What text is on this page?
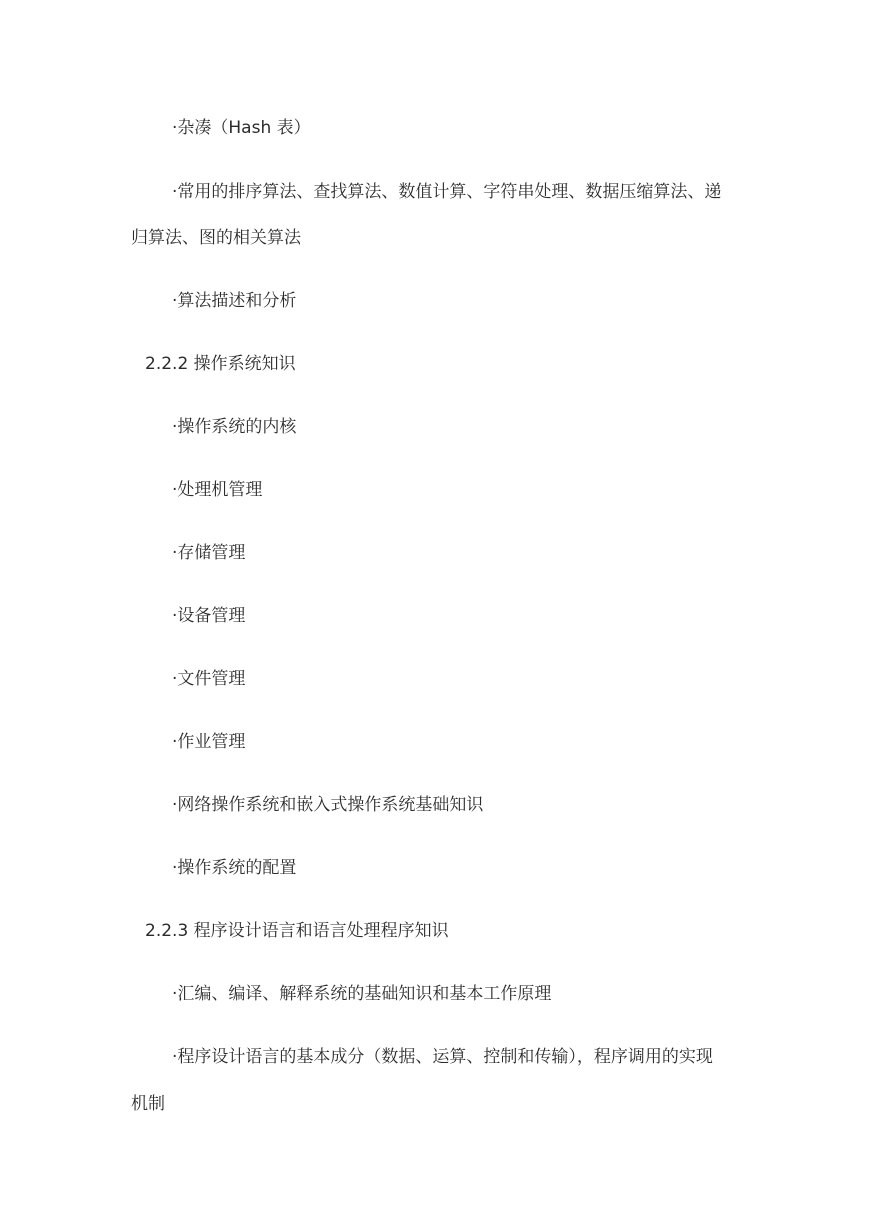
·杂凑（Hash 表）
·常用的排序算法、查找算法、数值计算、字符串处理、数据压缩算法、递
归算法、图的相关算法
·算法描述和分析
2.2.2 操作系统知识
·操作系统的内核
·处理机管理
·存储管理
·设备管理
·文件管理
·作业管理
·网络操作系统和嵌入式操作系统基础知识
·操作系统的配置
2.2.3 程序设计语言和语言处理程序知识
·汇编、编译、解释系统的基础知识和基本工作原理
·程序设计语言的基本成分（数据、运算、控制和传输），程序调用的实现
机制
